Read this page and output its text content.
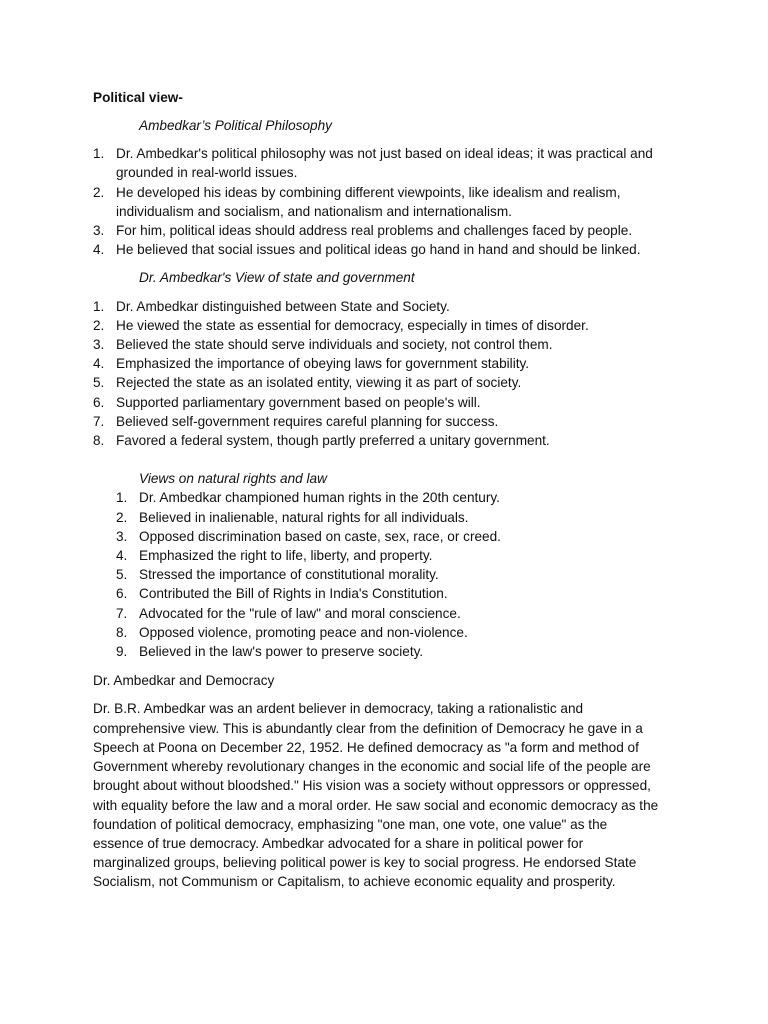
Political view-

Ambedkar’s Political Philosophy

1. Dr. Ambedkar's political philosophy was not just based on ideal ideas; it was practical and grounded in real-world issues.
2. He developed his ideas by combining different viewpoints, like idealism and realism, individualism and socialism, and nationalism and internationalism.
3. For him, political ideas should address real problems and challenges faced by people.
4. He believed that social issues and political ideas go hand in hand and should be linked.

Dr. Ambedkar's View of state and government

1. Dr. Ambedkar distinguished between State and Society.
2. He viewed the state as essential for democracy, especially in times of disorder.
3. Believed the state should serve individuals and society, not control them.
4. Emphasized the importance of obeying laws for government stability.
5. Rejected the state as an isolated entity, viewing it as part of society.
6. Supported parliamentary government based on people's will.
7. Believed self-government requires careful planning for success.
8. Favored a federal system, though partly preferred a unitary government.

Views on natural rights and law

1. Dr. Ambedkar championed human rights in the 20th century.
2. Believed in inalienable, natural rights for all individuals.
3. Opposed discrimination based on caste, sex, race, or creed.
4. Emphasized the right to life, liberty, and property.
5. Stressed the importance of constitutional morality.
6. Contributed the Bill of Rights in India's Constitution.
7. Advocated for the "rule of law" and moral conscience.
8. Opposed violence, promoting peace and non-violence.
9. Believed in the law's power to preserve society.

Dr. Ambedkar and Democracy

Dr. B.R. Ambedkar was an ardent believer in democracy, taking a rationalistic and
comprehensive view. This is abundantly clear from the definition of Democracy he gave in a
Speech at Poona on December 22, 1952. He defined democracy as "a form and method of
Government whereby revolutionary changes in the economic and social life of the people are
brought about without bloodshed." His vision was a society without oppressors or oppressed,
with equality before the law and a moral order. He saw social and economic democracy as the
foundation of political democracy, emphasizing "one man, one vote, one value" as the
essence of true democracy. Ambedkar advocated for a share in political power for
marginalized groups, believing political power is key to social progress. He endorsed State
Socialism, not Communism or Capitalism, to achieve economic equality and prosperity.
